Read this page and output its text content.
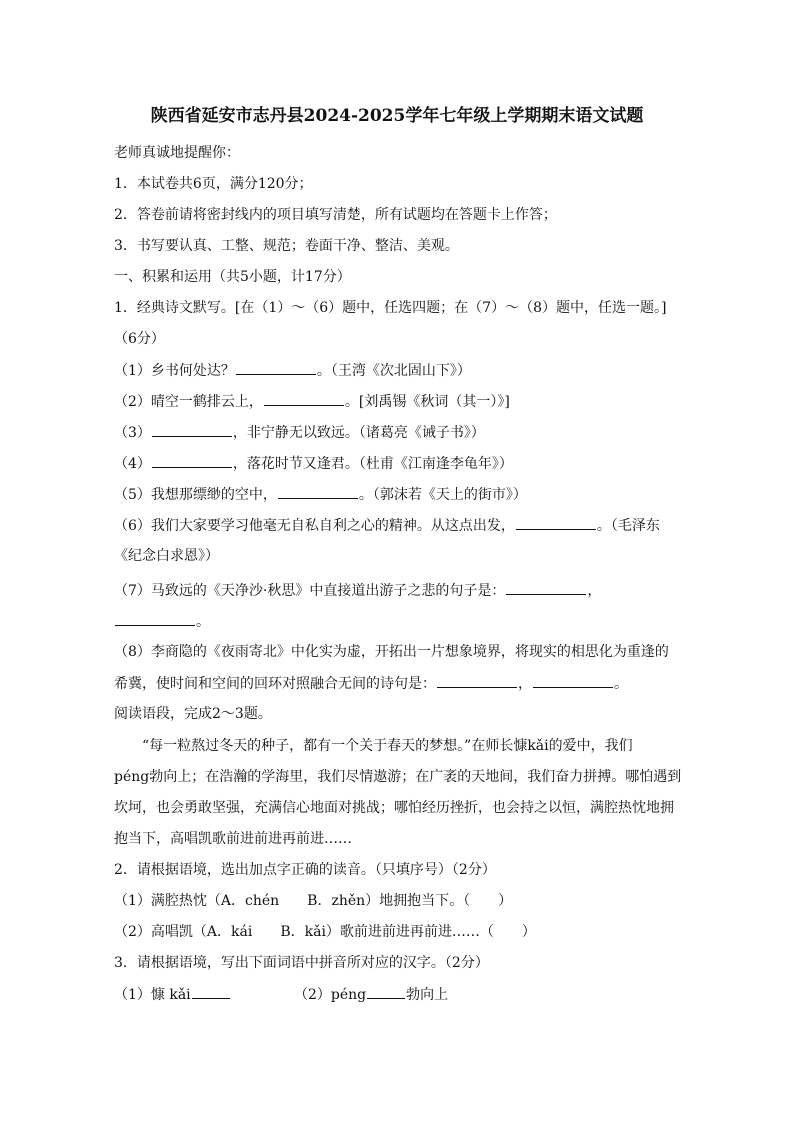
陕西省延安市志丹县2024-2025学年七年级上学期期末语文试题
老师真诚地提醒你：
1．本试卷共6页，满分120分；
2．答卷前请将密封线内的项目填写清楚，所有试题均在答题卡上作答；
3．书写要认真、工整、规范；卷面干净、整洁、美观。
一、积累和运用（共5小题，计17分）
1．经典诗文默写。[在（1）～（6）题中，任选四题；在（7）～（8）题中，任选一题。]
（6分）
（1）乡书何处达？	。（王湾《次北固山下》）
（2）晴空一鹤排云上，	。[刘禹锡《秋词（其一）》]
（3）	，非宁静无以致远。（诸葛亮《诫子书》）
（4）	，落花时节又逢君。（杜甫《江南逢李龟年》）
（5）我想那缥缈的空中，	。（郭沫若《天上的街市》）
（6）我们大家要学习他毫无自私自利之心的精神。从这点出发，	。（毛泽东
《纪念白求恩》）
（7）马致远的《天净沙·秋思》中直接道出游子之悲的句子是：	，
。
（8）李商隐的《夜雨寄北》中化实为虚，开拓出一片想象境界，将现实的相思化为重逢的
希冀，使时间和空间的回环对照融合无间的诗句是：	，	。
阅读语段，完成2～3题。
“每一粒熬过冬天的种子，都有一个关于春天的梦想。”在师长慷kǎi的爱中，我们
péng勃向上；在浩瀚的学海里，我们尽情遨游；在广袤的天地间，我们奋力拼搏。哪怕遇到
坎坷，也会勇敢坚强，充满信心地面对挑战；哪怕经历挫折，也会持之以恒，满腔热忱地拥
抱当下，高唱凯歌前进前进再前进……
2．请根据语境，选出加点字正确的读音。（只填序号）（2分）
（1）满腔热忱（A．chén　　B．zhěn）地拥抱当下。（　　）
（2）高唱凯（A．kái　　B．kǎi）歌前进前进再前进……（　　）
3．请根据语境，写出下面词语中拼音所对应的汉字。（2分）
（1）慷 kǎi	（2）péng	勃向上
